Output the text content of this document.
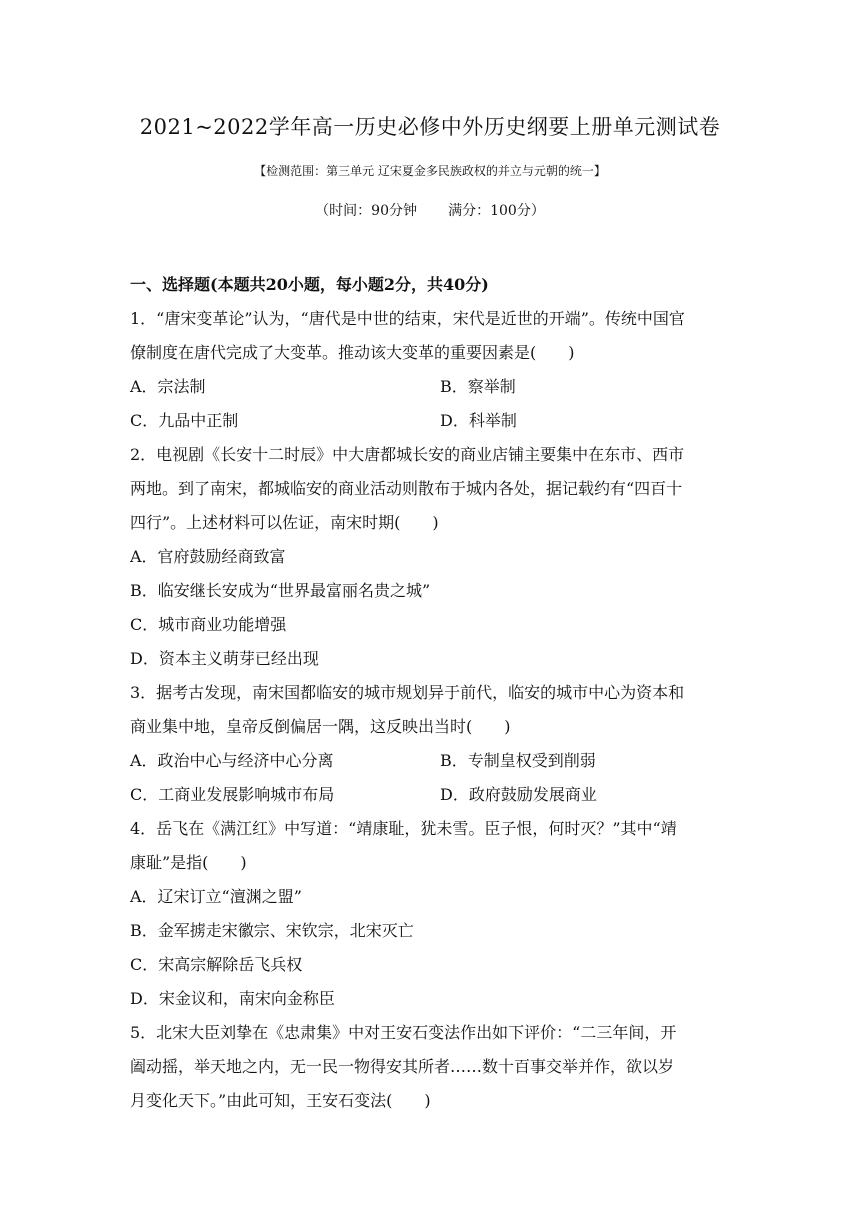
2021~2022学年高一历史必修中外历史纲要上册单元测试卷
【检测范围：第三单元 辽宋夏金多民族政权的并立与元朝的统一】
（时间：90分钟       满分：100分）
一、选择题(本题共20小题，每小题2分，共40分)
1．“唐宋变革论”认为，“唐代是中世的结束，宋代是近世的开端”。传统中国官
僚制度在唐代完成了大变革。推动该大变革的重要因素是(　　)
A．宗法制	B．察举制
C．九品中正制	D．科举制
2．电视剧《长安十二时辰》中大唐都城长安的商业店铺主要集中在东市、西市
两地。到了南宋，都城临安的商业活动则散布于城内各处，据记载约有“四百十
四行”。上述材料可以佐证，南宋时期(　　)
A．官府鼓励经商致富
B．临安继长安成为“世界最富丽名贵之城”
C．城市商业功能增强
D．资本主义萌芽已经出现
3．据考古发现，南宋国都临安的城市规划异于前代，临安的城市中心为资本和
商业集中地，皇帝反倒偏居一隅，这反映出当时(　　)
A．政治中心与经济中心分离	B．专制皇权受到削弱
C．工商业发展影响城市布局	D．政府鼓励发展商业
4．岳飞在《满江红》中写道：“靖康耻，犹未雪。臣子恨，何时灭？”其中“靖
康耻”是指(　　)
A．辽宋订立“澶渊之盟”
B．金军掳走宋徽宗、宋钦宗，北宋灭亡
C．宋高宗解除岳飞兵权
D．宋金议和，南宋向金称臣
5．北宋大臣刘挚在《忠肃集》中对王安石变法作出如下评价：“二三年间，开
阖动摇，举天地之内，无一民一物得安其所者……数十百事交举并作，欲以岁
月变化天下。”由此可知，王安石变法(　　)
